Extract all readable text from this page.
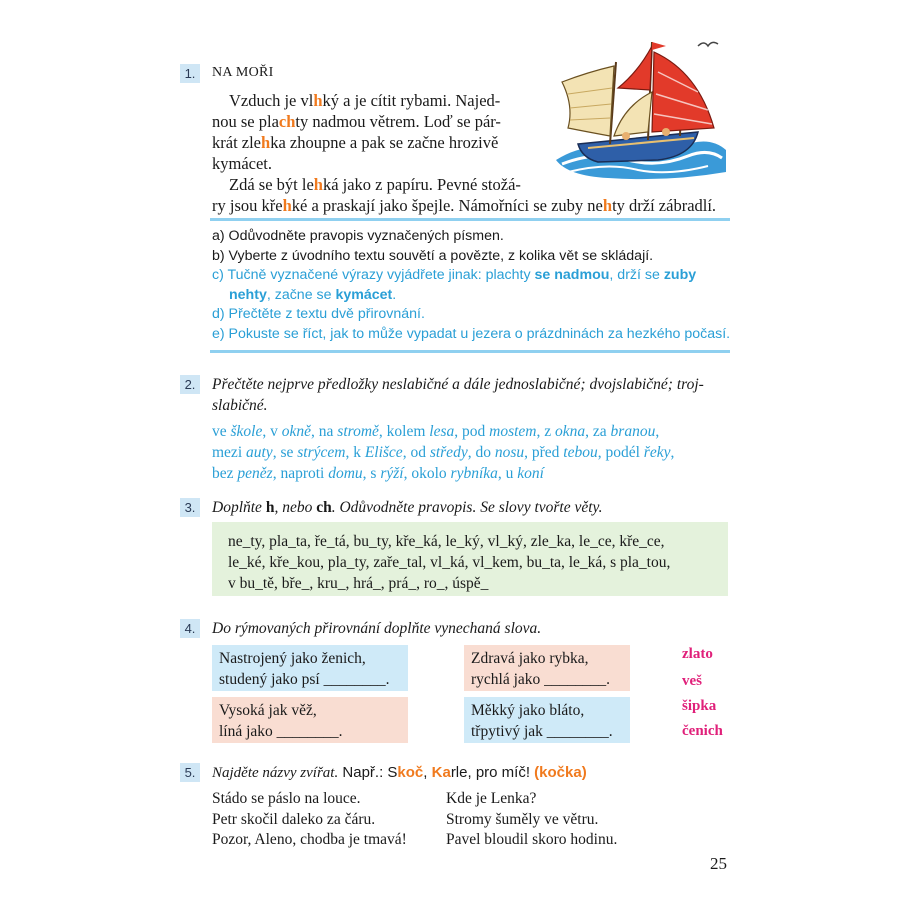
1.	NA MOŘI
Vzduch je vlhký a je cítit rybami. Najed-
nou se plachty nadmou větrem. Loď se pár-
krát zlehka zhoupne a pak se začne hrozivě
kymácet.
Zdá se být lehká jako z papíru. Pevné stožá-
ry jsou křehké a praskají jako špejle. Námořníci se zuby nehty drží zábradlí.
a) Odůvodněte pravopis vyznačených písmen.
b) Vyberte z úvodního textu souvětí a povězte, z kolika vět se skládají.
c) Tučně vyznačené výrazy vyjádřete jinak: plachty se nadmou, drží se zuby
nehty, začne se kymácet.
d) Přečtěte z textu dvě přirovnání.
e) Pokuste se říct, jak to může vypadat u jezera o prázdninách za hezkého počasí.
2. Přečtěte nejprve předložky neslabičné a dále jednoslabičné; dvojslabičné; troj-
slabičné.
ve škole, v okně, na stromě, kolem lesa, pod mostem, z okna, za branou,
mezi auty, se strýcem, k Elišce, od středy, do nosu, před tebou, podél řeky,
bez peněz, naproti domu, s rýží, okolo rybníka, u koní
3. Doplňte h, nebo ch. Odůvodněte pravopis. Se slovy tvořte věty.
ne_ty, pla_ta, ře_tá, bu_ty, kře_ká, le_ký, vl_ký, zle_ka, le_ce, kře_ce,
le_ké, kře_kou, pla_ty, zaře_tal, vl_ká, vl_kem, bu_ta, le_ká, s pla_tou,
v bu_tě, bře_, kru_, hrá_, prá_, ro_, úspě_
4. Do rýmovaných přirovnání doplňte vynechaná slova.
Nastrojený jako ženich,
studený jako psí ________.
Zdravá jako rybka,
rychlá jako ________.
Vysoká jak věž,
líná jako ________.
Měkký jako bláto,
třpytivý jak ________.
zlato
veš
šipka
čenich
5.	Najděte názvy zvířat. Např.: Skoč, Karle, pro míč! (kočka)
Stádo se páslo na louce.
Petr skočil daleko za čáru.
Pozor, Aleno, chodba je tmavá!
Kde je Lenka?
Stromy šuměly ve větru.
Pavel bloudil skoro hodinu.
25
